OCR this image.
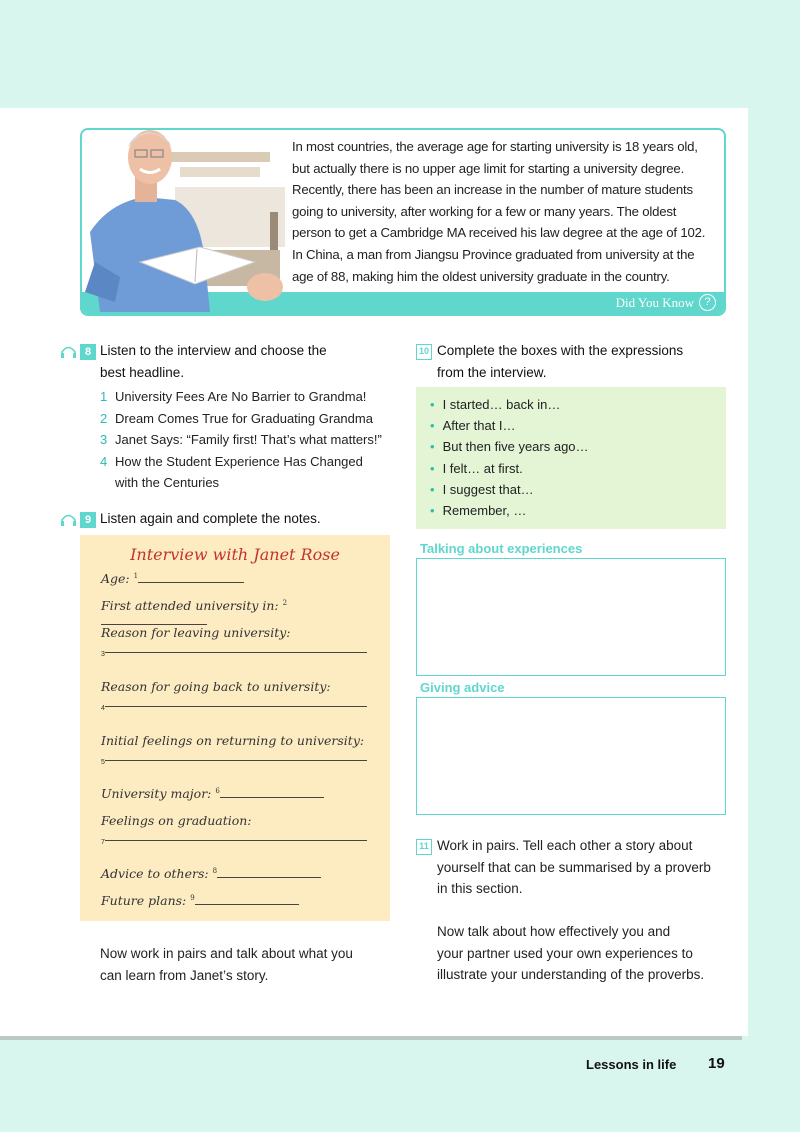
In most countries, the average age for starting university is 18 years old, but actually there is no upper age limit for starting a university degree. Recently, there has been an increase in the number of mature students going to university, after working for a few or many years. The oldest person to get a Cambridge MA received his law degree at the age of 102. In China, a man from Jiangsu Province graduated from university at the age of 88, making him the oldest university graduate in the country.
Did You Know ?
8 Listen to the interview and choose the
best headline.
1 University Fees Are No Barrier to Grandma!
2 Dream Comes True for Graduating Grandma
3 Janet Says: “Family first! That’s what matters!”
4 How the Student Experience Has Changed
with the Centuries
9 Listen again and complete the notes.
Interview with Janet Rose
Age: $^1$
First attended university in: $^2$
Reason for leaving university:
3
Reason for going back to university:
4
Initial feelings on returning to university:
5
University major: $^6$
Feelings on graduation:
7
Advice to others: $^8$
Future plans: $^9$
Now work in pairs and talk about what you
can learn from Janet’s story.
10 Complete the boxes with the expressions
from the interview.
• I started… back in…
• After that I…
• But then five years ago…
• I felt… at first.
• I suggest that…
• Remember, …
Talking about experiences
Giving advice
11 Work in pairs. Tell each other a story about
yourself that can be summarised by a proverb
in this section.
Now talk about how effectively you and
your partner used your own experiences to
illustrate your understanding of the proverbs.
Lessons in life 19
